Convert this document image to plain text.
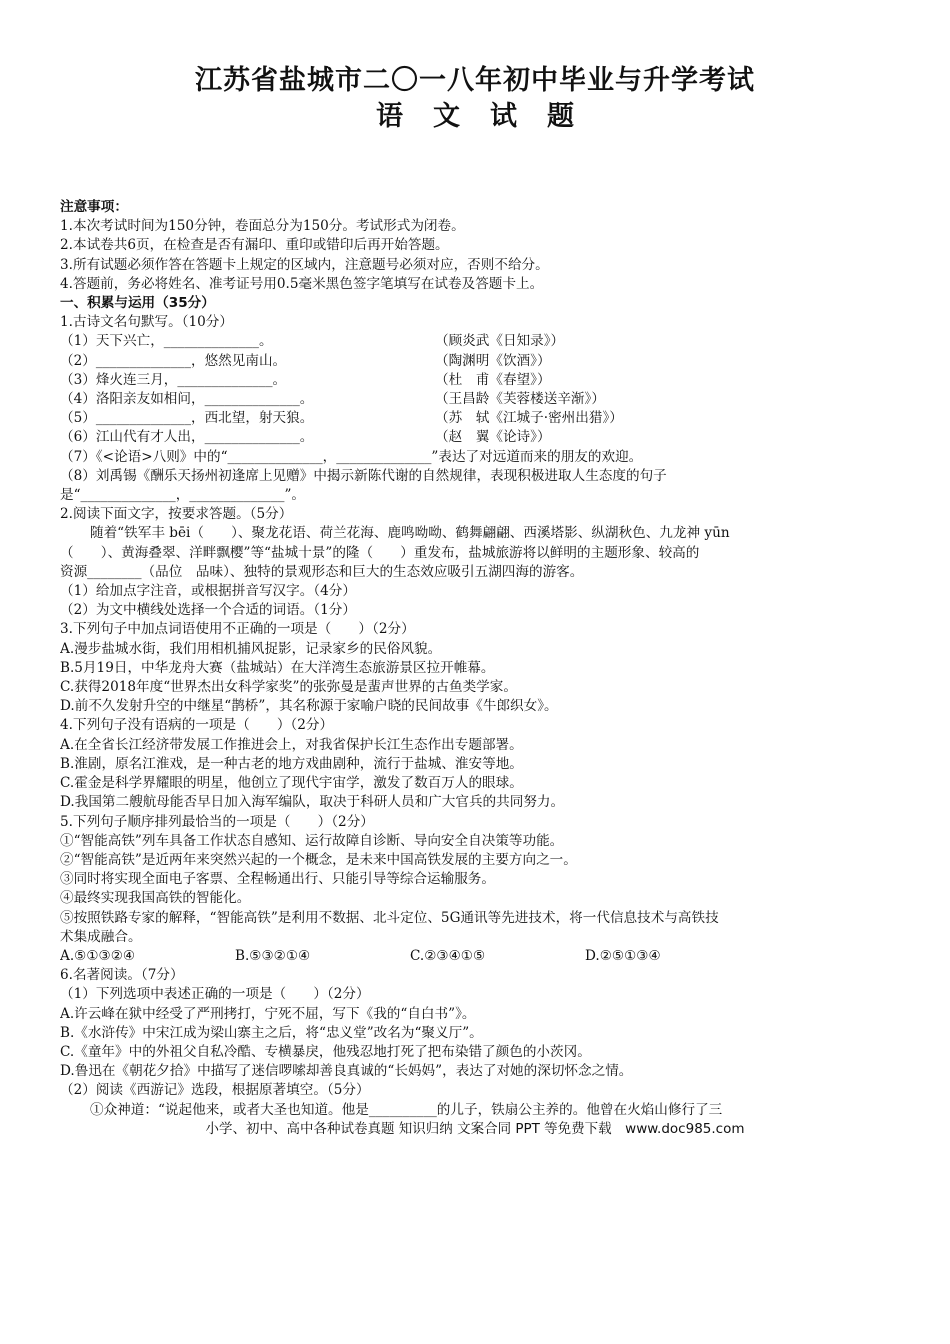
江苏省盐城市二〇一八年初中毕业与升学考试
语文试题
注意事项：
1.本次考试时间为150分钟，卷面总分为150分。考试形式为闭卷。
2.本试卷共6页，在检查是否有漏印、重印或错印后再开始答题。
3.所有试题必须作答在答题卡上规定的区域内，注意题号必须对应，否则不给分。
4.答题前，务必将姓名、准考证号用0.5毫米黑色签字笔填写在试卷及答题卡上。
一、积累与运用（35分）
1.古诗文名句默写。（10分）
（1）天下兴亡，______________。	（顾炎武《日知录》）
（2）______________，悠然见南山。	（陶渊明《饮酒》）
（3）烽火连三月，______________。	（杜　甫《春望》）
（4）洛阳亲友如相问，______________。	（王昌龄《芙蓉楼送辛渐》）
（5）______________，西北望，射天狼。	（苏　轼《江城子·密州出猎》）
（6）江山代有才人出，______________。	（赵　翼《论诗》）
（7）《<论语>八则》中的“______________，______________”表达了对远道而来的朋友的欢迎。
（8）刘禹锡《酬乐天扬州初逢席上见赠》中揭示新陈代谢的自然规律，表现积极进取人生态度的句子
是“______________，______________”。
2.阅读下面文字，按要求答题。（5分）
随着“铁军丰 bēi（　　）、聚龙花语、荷兰花海、鹿鸣呦呦、鹤舞翩翩、西溪塔影、纵湖秋色、九龙神 yūn
（　　）、黄海叠翠、洋畔飘樱”等“盐城十景”的隆（　　）重发布，盐城旅游将以鲜明的主题形象、较高的
资源________（品位　品味）、独特的景观形态和巨大的生态效应吸引五湖四海的游客。
（1）给加点字注音，或根据拼音写汉字。（4分）
（2）为文中横线处选择一个合适的词语。（1分）
3.下列句子中加点词语使用不正确的一项是（　　）（2分）
A.漫步盐城水街，我们用相机捕风捉影，记录家乡的民俗风貌。
B.5月19日，中华龙舟大赛（盐城站）在大洋湾生态旅游景区拉开帷幕。
C.获得2018年度“世界杰出女科学家奖”的张弥曼是蜚声世界的古鱼类学家。
D.前不久发射升空的中继星“鹊桥”，其名称源于家喻户晓的民间故事《牛郎织女》。
4.下列句子没有语病的一项是（　　）（2分）
A.在全省长江经济带发展工作推进会上，对我省保护长江生态作出专题部署。
B.淮剧，原名江淮戏，是一种古老的地方戏曲剧种，流行于盐城、淮安等地。
C.霍金是科学界耀眼的明星，他创立了现代宇宙学，激发了数百万人的眼球。
D.我国第二艘航母能否早日加入海军编队，取决于科研人员和广大官兵的共同努力。
5.下列句子顺序排列最恰当的一项是（　　）（2分）
①“智能高铁”列车具备工作状态自感知、运行故障自诊断、导向安全自决策等功能。
②“智能高铁”是近两年来突然兴起的一个概念，是未来中国高铁发展的主要方向之一。
③同时将实现全面电子客票、全程畅通出行、只能引导等综合运输服务。
④最终实现我国高铁的智能化。
⑤按照铁路专家的解释，“智能高铁”是利用不数据、北斗定位、5G通讯等先进技术，将一代信息技术与高铁技
术集成融合。
A.⑤①③②④	B.⑤③②①④	C.②③④①⑤	D.②⑤①③④
6.名著阅读。（7分）
（1）下列选项中表述正确的一项是（　　）（2分）
A.许云峰在狱中经受了严刑拷打，宁死不屈，写下《我的“自白书”》。
B.《水浒传》中宋江成为梁山寨主之后，将“忠义堂”改名为“聚义厅”。
C.《童年》中的外祖父自私冷酷、专横暴戾，他残忍地打死了把布染错了颜色的小茨冈。
D.鲁迅在《朝花夕拾》中描写了迷信啰嗦却善良真诚的“长妈妈”，表达了对她的深切怀念之情。
（2）阅读《西游记》选段，根据原著填空。（5分）
①众神道：“说起他来，或者大圣也知道。他是__________的儿子，铁扇公主养的。他曾在火焰山修行了三
小学、初中、高中各种试卷真题 知识归纳 文案合同 PPT 等免费下载　www.doc985.com
